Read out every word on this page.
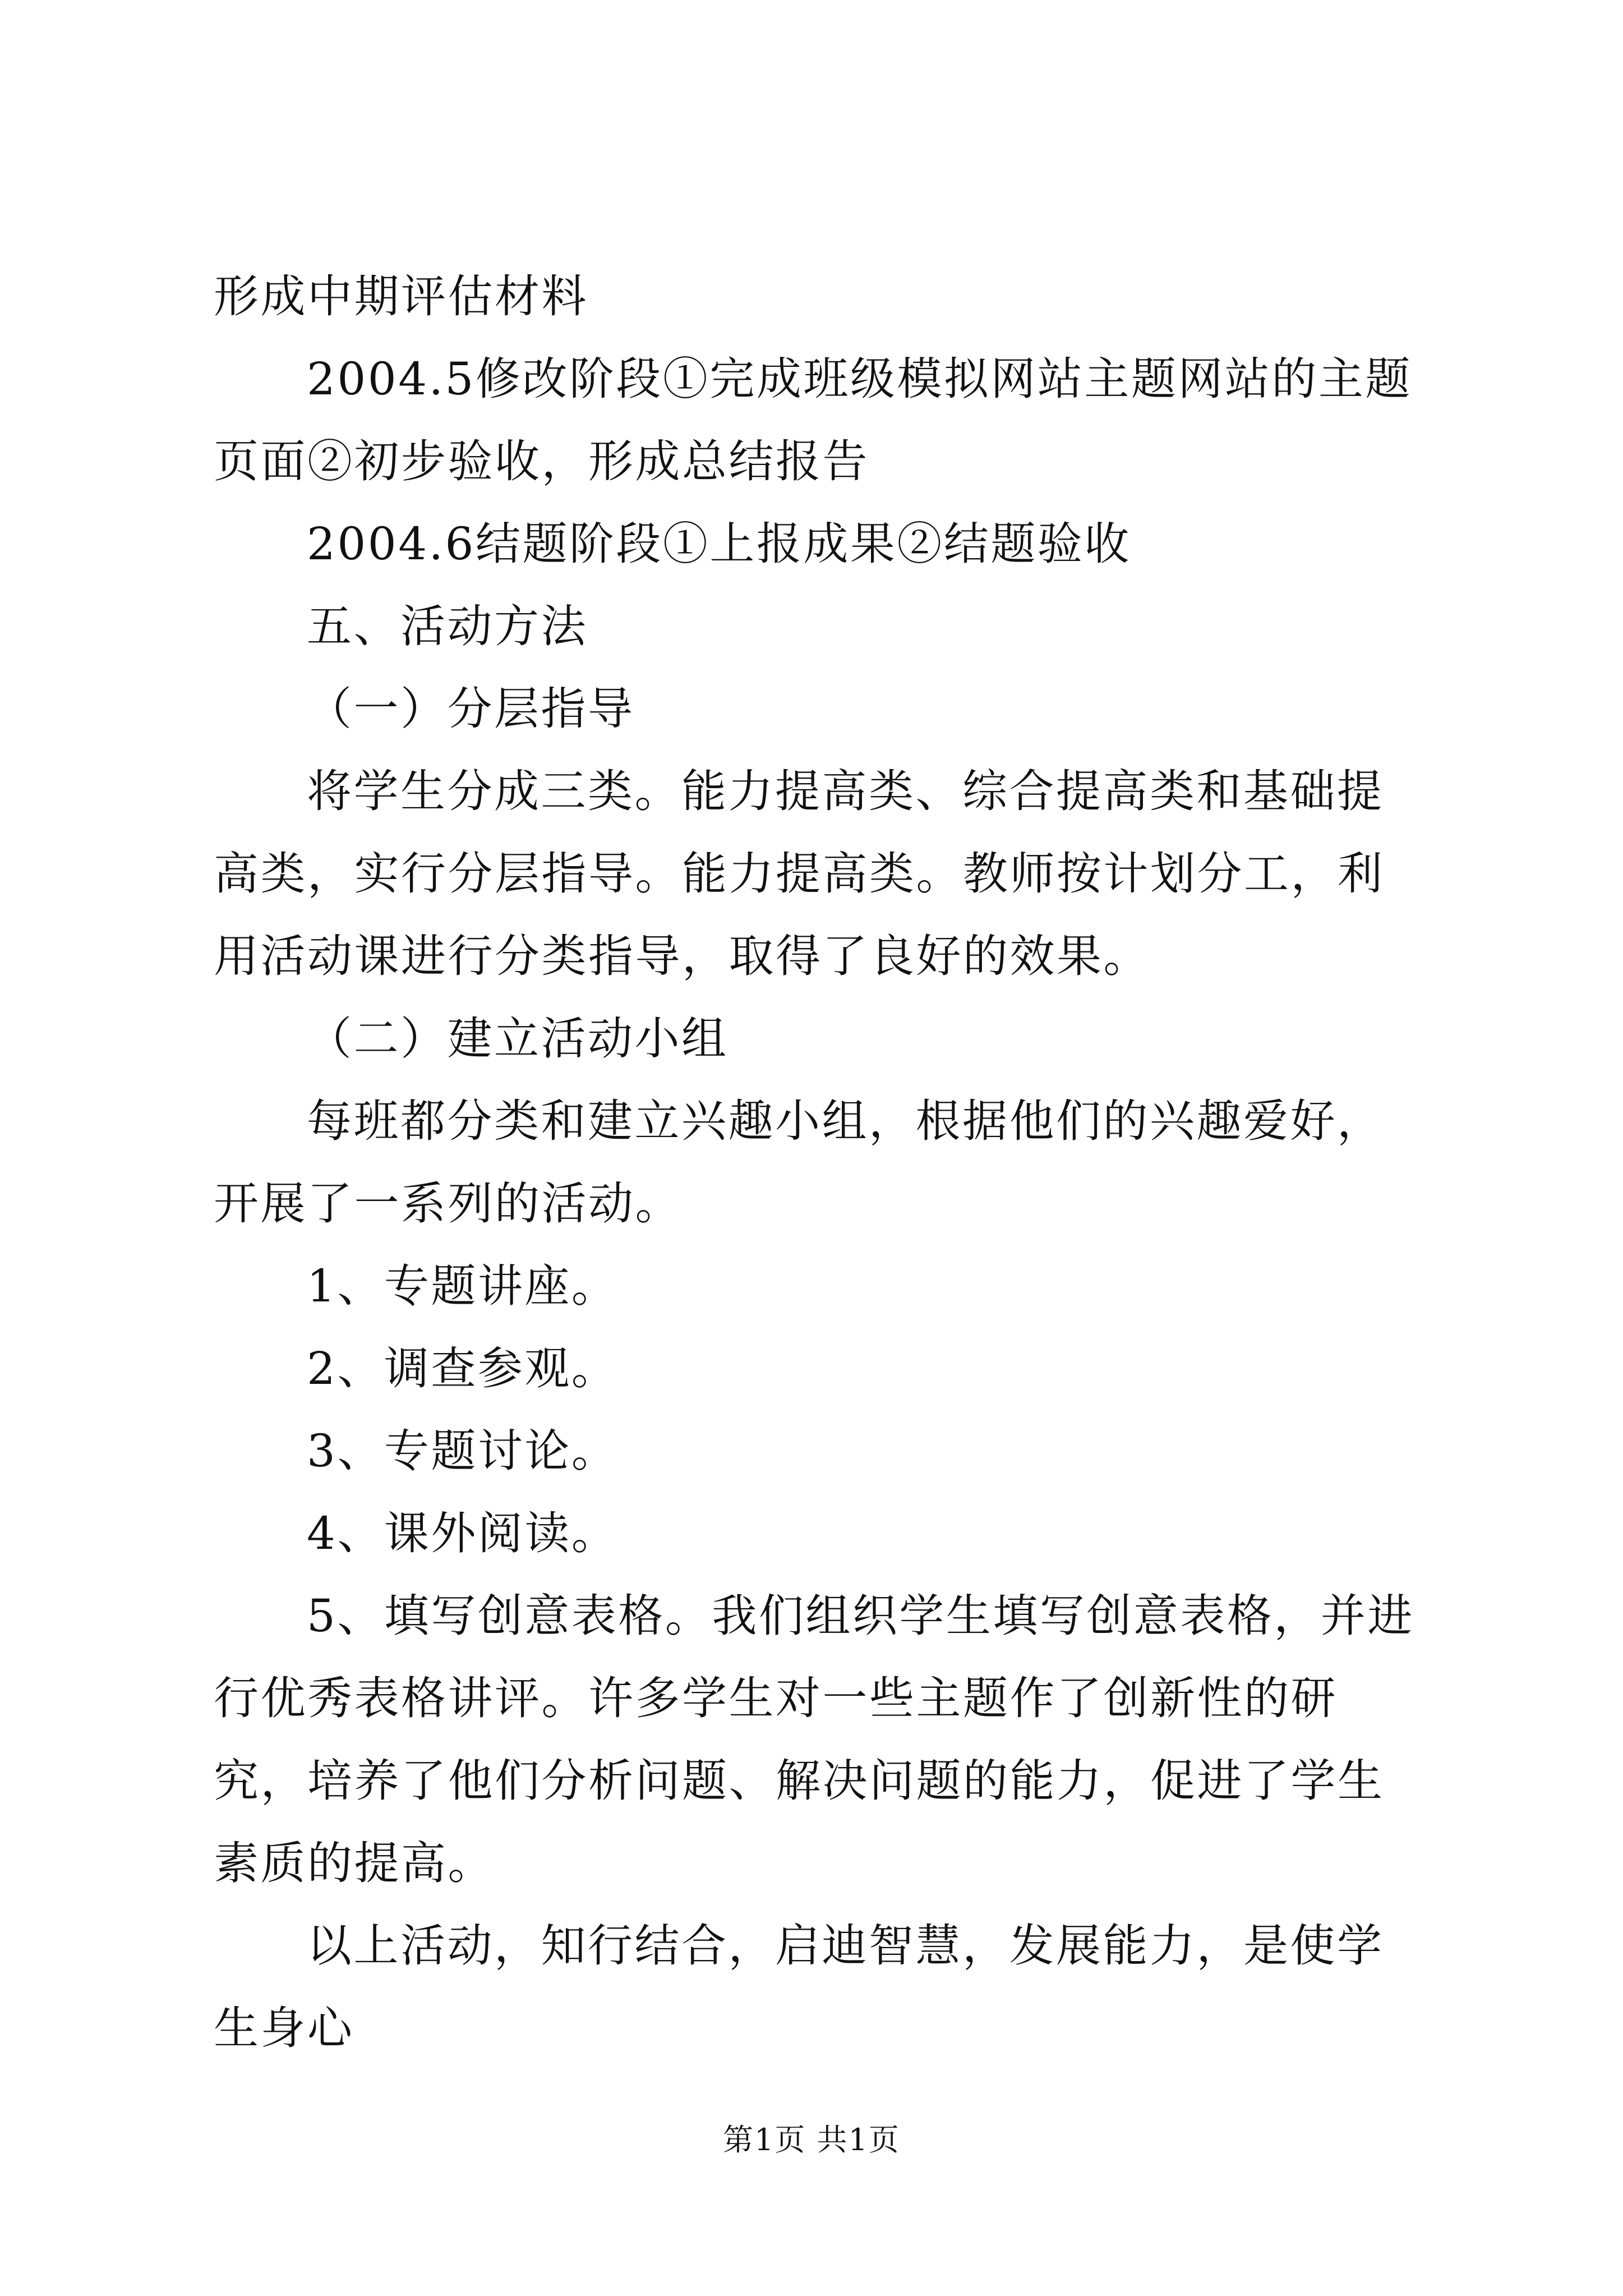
形成中期评估材料

2004.5修改阶段①完成班级模拟网站主题网站的主题页面②初步验收，形成总结报告

2004.6结题阶段①上报成果②结题验收

五、活动方法

（一）分层指导

将学生分成三类。能力提高类、综合提高类和基础提高类，实行分层指导。能力提高类。教师按计划分工，利用活动课进行分类指导，取得了良好的效果。

（二）建立活动小组

每班都分类和建立兴趣小组，根据他们的兴趣爱好，开展了一系列的活动。

1、专题讲座。

2、调查参观。

3、专题讨论。

4、课外阅读。

5、填写创意表格。我们组织学生填写创意表格，并进行优秀表格讲评。许多学生对一些主题作了创新性的研究，培养了他们分析问题、解决问题的能力，促进了学生素质的提高。

以上活动，知行结合，启迪智慧，发展能力，是使学生身心

第1页 共1页
